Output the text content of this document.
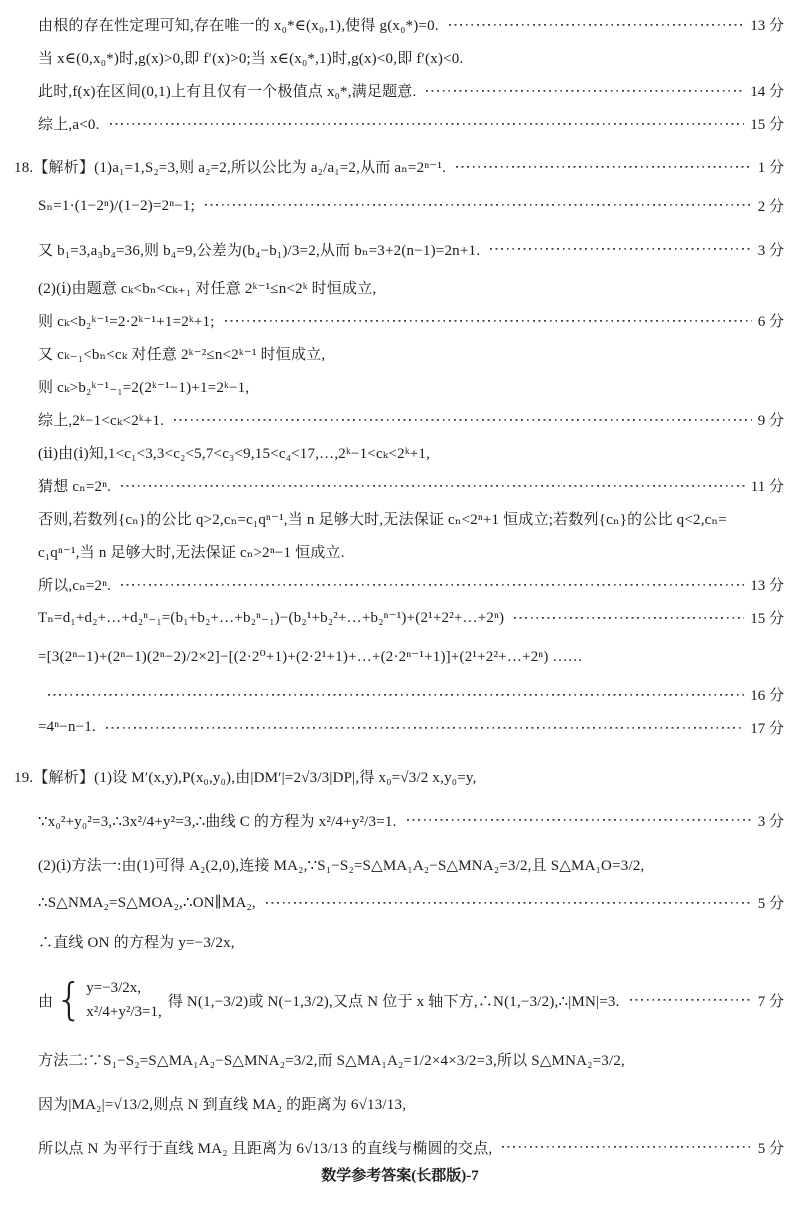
由根的存在性定理可知,存在唯一的 x₀*∈(x₀,1),使得 g(x₀*)=0.	13 分
当 x∈(0,x₀*)时,g(x)>0,即 f′(x)>0;当 x∈(x₀*,1)时,g(x)<0,即 f′(x)<0.
此时,f(x)在区间(0,1)上有且仅有一个极值点 x₀*,满足题意.	14 分
综上,a<0.	15 分
18.【解析】(1)a₁=1,S₂=3,则 a₂=2,所以公比为 a₂/a₁=2,从而 aₙ=2ⁿ⁻¹.	1 分
Sₙ=1·(1−2ⁿ)/(1−2)=2ⁿ−1;	2 分
又 b₁=3,a₃b₄=36,则 b₄=9,公差为(b₄−b₁)/3=2,从而 bₙ=3+2(n−1)=2n+1.	3 分
(2)(ⅰ)由题意 cₖ<bₙ<cₖ₊₁ 对任意 2ᵏ⁻¹≤n<2ᵏ 时恒成立,
则 cₖ<b₂ᵏ⁻¹=2·2ᵏ⁻¹+1=2ᵏ+1;	6 分
又 cₖ₋₁<bₙ<cₖ 对任意 2ᵏ⁻²≤n<2ᵏ⁻¹ 时恒成立,
则 cₖ>b₂ᵏ⁻¹₋₁=2(2ᵏ⁻¹−1)+1=2ᵏ−1,
综上,2ᵏ−1<cₖ<2ᵏ+1.	9 分
(ⅱ)由(ⅰ)知,1<c₁<3,3<c₂<5,7<c₃<9,15<c₄<17,…,2ᵏ−1<cₖ<2ᵏ+1,
猜想 cₙ=2ⁿ.	11 分
否则,若数列{cₙ}的公比 q>2,cₙ=c₁qⁿ⁻¹,当 n 足够大时,无法保证 cₙ<2ⁿ+1 恒成立;若数列{cₙ}的公比 q<2,cₙ=
c₁qⁿ⁻¹,当 n 足够大时,无法保证 cₙ>2ⁿ−1 恒成立.
所以,cₙ=2ⁿ.	13 分
Tₙ=d₁+d₂+…+d₂ⁿ₋₁=(b₁+b₂+…+b₂ⁿ₋₁)−(b₂¹+b₂²+…+b₂ⁿ⁻¹)+(2¹+2²+…+2ⁿ)	15 分
=[3(2ⁿ−1)+(2ⁿ−1)(2ⁿ−2)/2×2]−[(2·2⁰+1)+(2·2¹+1)+…+(2·2ⁿ⁻¹+1)]+(2¹+2²+…+2ⁿ) ……
16 分
=4ⁿ−n−1.	17 分
19.【解析】(1)设 M′(x,y),P(x₀,y₀),由|DM′|=2√3/3|DP|,得 x₀=√3/2 x,y₀=y,
∵x₀²+y₀²=3,∴3x²/4+y²=3,∴曲线 C 的方程为 x²/4+y²/3=1.	3 分
(2)(ⅰ)方法一:由(1)可得 A₂(2,0),连接 MA₂,∵S₁−S₂=S△MA₁A₂−S△MNA₂=3/2,且 S△MA₁O=3/2,
∴S△NMA₂=S△MOA₂,∴ON∥MA₂,	5 分
∴直线 ON 的方程为 y=−3/2x,
由 { y=−3/2x,
x²/4+y²/3=1,
得 N(1,−3/2)或 N(−1,3/2),又点 N 位于 x 轴下方,∴N(1,−3/2),∴|MN|=3.	7 分
方法二:∵S₁−S₂=S△MA₁A₂−S△MNA₂=3/2,而 S△MA₁A₂=1/2×4×3/2=3,所以 S△MNA₂=3/2,
因为|MA₂|=√13/2,则点 N 到直线 MA₂ 的距离为 6√13/13,
所以点 N 为平行于直线 MA₂ 且距离为 6√13/13 的直线与椭圆的交点,	5 分
数学参考答案(长郡版)-7
